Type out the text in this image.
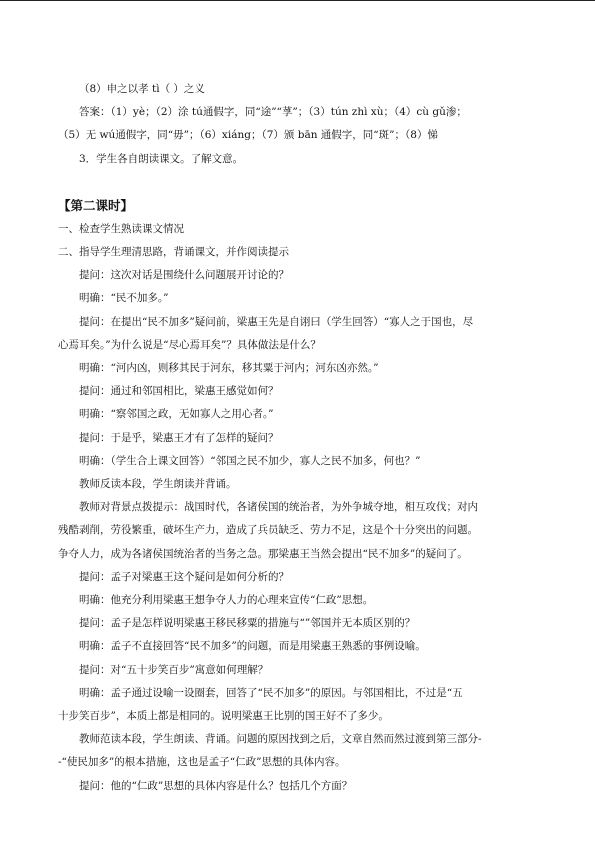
（8）申之以孝 tì（ ）之义
答案：（1）yè；（2）涂 tú通假字，同“途”“莩”；（3）tún zhì xù；（4）cù gǔ渗；
（5）无 wú通假字，同“毋”；（6）xiáng；（7）颁 bān 通假字，同“斑”；（8）悌
3．学生各自朗读课文。了解文意。
【第二课时】
一、检查学生熟读课文情况
二、指导学生理清思路，背诵课文，并作阅读提示
提问：这次对话是围绕什么问题展开讨论的？
明确：“民不加多。”
提问：在提出“民不加多”疑问前，梁惠王先是自诩曰（学生回答）“寡人之于国也，尽
心焉耳矣。”为什么说是“尽心焉耳矣”？具体做法是什么？
明确：“河内凶，则移其民于河东，移其粟于河内；河东凶亦然。”
提问：通过和邻国相比，梁惠王感觉如何？
明确：“察邻国之政，无如寡人之用心者。”
提问：于是乎，梁惠王才有了怎样的疑问？
明确：（学生合上课文回答）“邻国之民不加少，寡人之民不加多，何也？”
教师反读本段，学生朗读并背诵。
教师对背景点拨提示：战国时代，各诸侯国的统治者，为外争城夺地，相互攻伐；对内
残酷剥削，劳役繁重，破坏生产力，造成了兵员缺乏、劳力不足，这是个十分突出的问题。
争夺人力，成为各诸侯国统治者的当务之急。那梁惠王当然会提出“民不加多”的疑问了。
提问：孟子对梁惠王这个疑问是如何分析的？
明确：他充分利用梁惠王想争夺人力的心理来宣传“仁政”思想。
提问：孟子是怎样说明梁惠王移民移粟的措施与“”邻国并无本质区别的？
明确：孟子不直接回答“民不加多”的问题，而是用梁惠王熟悉的事例设喻。
提问：对“五十步笑百步”寓意如何理解？
明确：孟子通过设喻一设圈套，回答了“民不加多”的原因。与邻国相比，不过是“五
十步笑百步”，本质上都是相同的。说明梁惠王比别的国王好不了多少。
教师范读本段，学生朗读、背诵。问题的原因找到之后，文章自然而然过渡到第三部分-
-“使民加多”的根本措施，这也是孟子“仁政”思想的具体内容。
提问：他的“仁政”思想的具体内容是什么？包括几个方面？
